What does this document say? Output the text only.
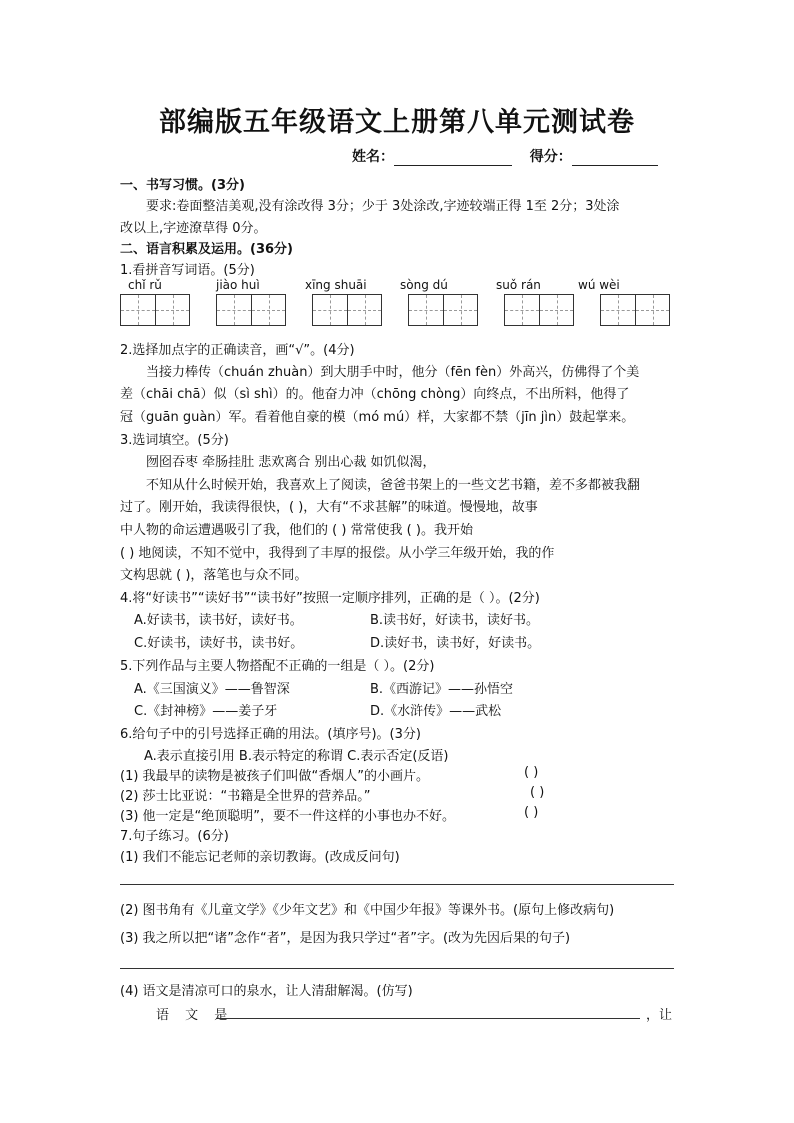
部编版五年级语文上册第八单元测试卷
姓名：	得分：
一、书写习惯。(3分)
要求:卷面整洁美观,没有涂改得 3分；少于 3处涂改,字迹较端正得 1至 2分；3处涂
改以上,字迹潦草得 0分。
二、语言积累及运用。(36分)
1.看拼音写词语。(5分)
chǐ rǔ	jiào huì	xīng shuāi	sòng dú	suǒ rán	wú wèi
2.选择加点字的正确读音，画“√”。(4分)
当接力棒传（chuán zhuàn）到大朋手中时，他分（fēn fèn）外高兴，仿佛得了个美
差（chāi chā）似（sì shì）的。他奋力冲（chōng chòng）向终点，不出所料，他得了
冠（guān guàn）军。看着他自豪的模（mó mú）样，大家都不禁（jīn jìn）鼓起掌来。
3.选词填空。(5分)
囫囵吞枣 牵肠挂肚 悲欢离合 别出心裁 如饥似渴，
不知从什么时候开始，我喜欢上了阅读，爸爸书架上的一些文艺书籍，差不多都被我翻
过了。刚开始，我读得很快，( )，大有“不求甚解”的味道。慢慢地，故事
中人物的命运遭遇吸引了我，他们的 ( ) 常常使我 ( )。我开始
( ) 地阅读，不知不觉中，我得到了丰厚的报偿。从小学三年级开始，我的作
文构思就 ( )，落笔也与众不同。
4.将“好读书”“读好书”“读书好”按照一定顺序排列，正确的是（ ）。(2分)
A.好读书，读书好，读好书。	B.读书好，好读书，读好书。
C.好读书，读好书，读书好。	D.读好书，读书好，好读书。
5.下列作品与主要人物搭配不正确的一组是（ ）。(2分)
A.《三国演义》——鲁智深	B.《西游记》——孙悟空
C.《封神榜》——姜子牙	D.《水浒传》——武松
6.给句子中的引号选择正确的用法。(填序号)。(3分)
A.表示直接引用 B.表示特定的称谓 C.表示否定(反语)
(1) 我最早的读物是被孩子们叫做“香烟人”的小画片。	( )
(2) 莎士比亚说：“书籍是全世界的营养品。”	( )
(3) 他一定是“绝顶聪明”，要不一件这样的小事也办不好。	( )
7.句子练习。(6分)
(1) 我们不能忘记老师的亲切教诲。(改成反问句)
(2) 图书角有《儿童文学》《少年文艺》和《中国少年报》等课外书。(原句上修改病句)
(3) 我之所以把“诸”念作“者”，是因为我只学过“者”字。(改为先因后果的句子)
(4) 语文是清凉可口的泉水，让人清甜解渴。(仿写)
语 文 是	，让
